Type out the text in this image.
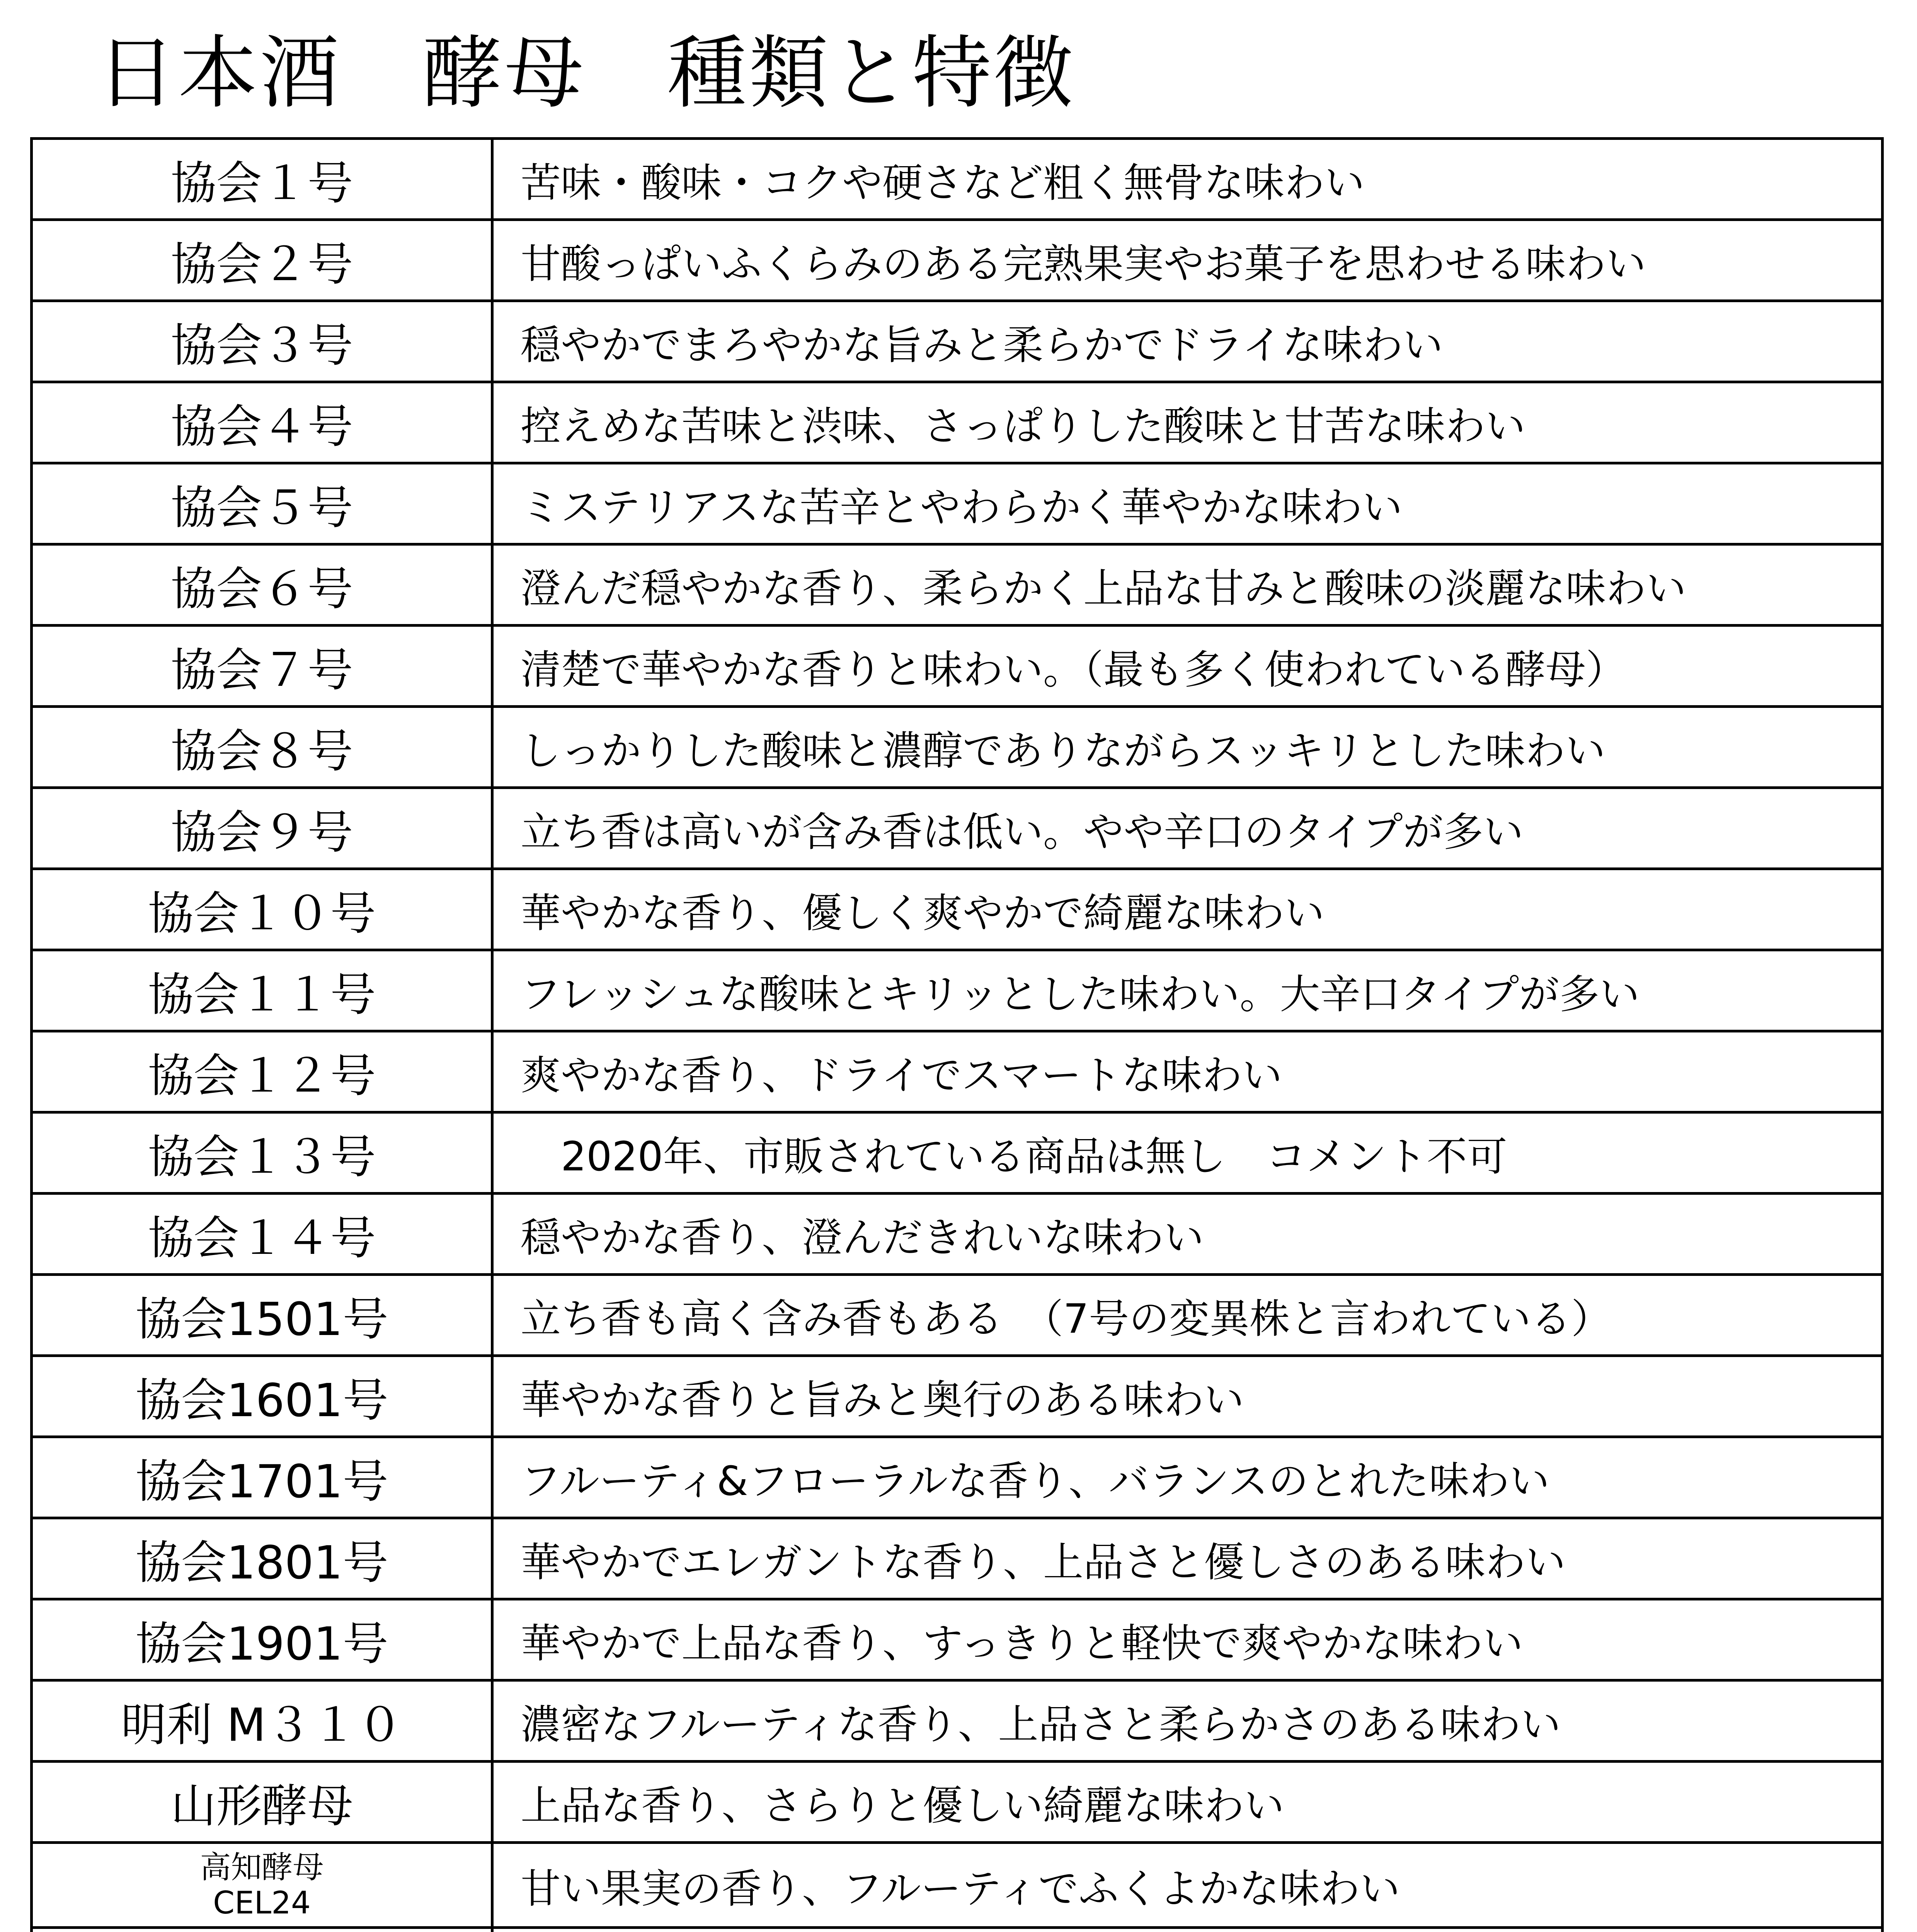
日本酒　酵母　種類と特徴
協会１号	苦味・酸味・コクや硬さなど粗く無骨な味わい

協会２号	甘酸っぱいふくらみのある完熟果実やお菓子を思わせる味わい

協会３号	穏やかでまろやかな旨みと柔らかでドライな味わい

協会４号	控えめな苦味と渋味、さっぱりした酸味と甘苦な味わい

協会５号	ミステリアスな苦辛とやわらかく華やかな味わい

協会６号	澄んだ穏やかな香り、柔らかく上品な甘みと酸味の淡麗な味わい

協会７号	清楚で華やかな香りと味わい。（最も多く使われている酵母）

協会８号	しっかりした酸味と濃醇でありながらスッキリとした味わい

協会９号	立ち香は高いが含み香は低い。やや辛口のタイプが多い

協会１０号	華やかな香り、優しく爽やかで綺麗な味わい

協会１１号	フレッシュな酸味とキリッとした味わい。大辛口タイプが多い

協会１２号	爽やかな香り、ドライでスマートな味わい

協会１３号	　2020年、市販されている商品は無し　コメント不可

協会１４号	穏やかな香り、澄んだきれいな味わい

協会1501号	立ち香も高く含み香もある　（7号の変異株と言われている）

協会1601号	華やかな香りと旨みと奥行のある味わい

協会1701号	フルーティ&フローラルな香り、バランスのとれた味わい

協会1801号	華やかでエレガントな香り、上品さと優しさのある味わい

協会1901号	華やかで上品な香り、すっきりと軽快で爽やかな味わい

明利 M３１０	濃密なフルーティな香り、上品さと柔らかさのある味わい

山形酵母	上品な香り、さらりと優しい綺麗な味わい

高知酵母
CEL24	甘い果実の香り、フルーティでふくよかな味わい
